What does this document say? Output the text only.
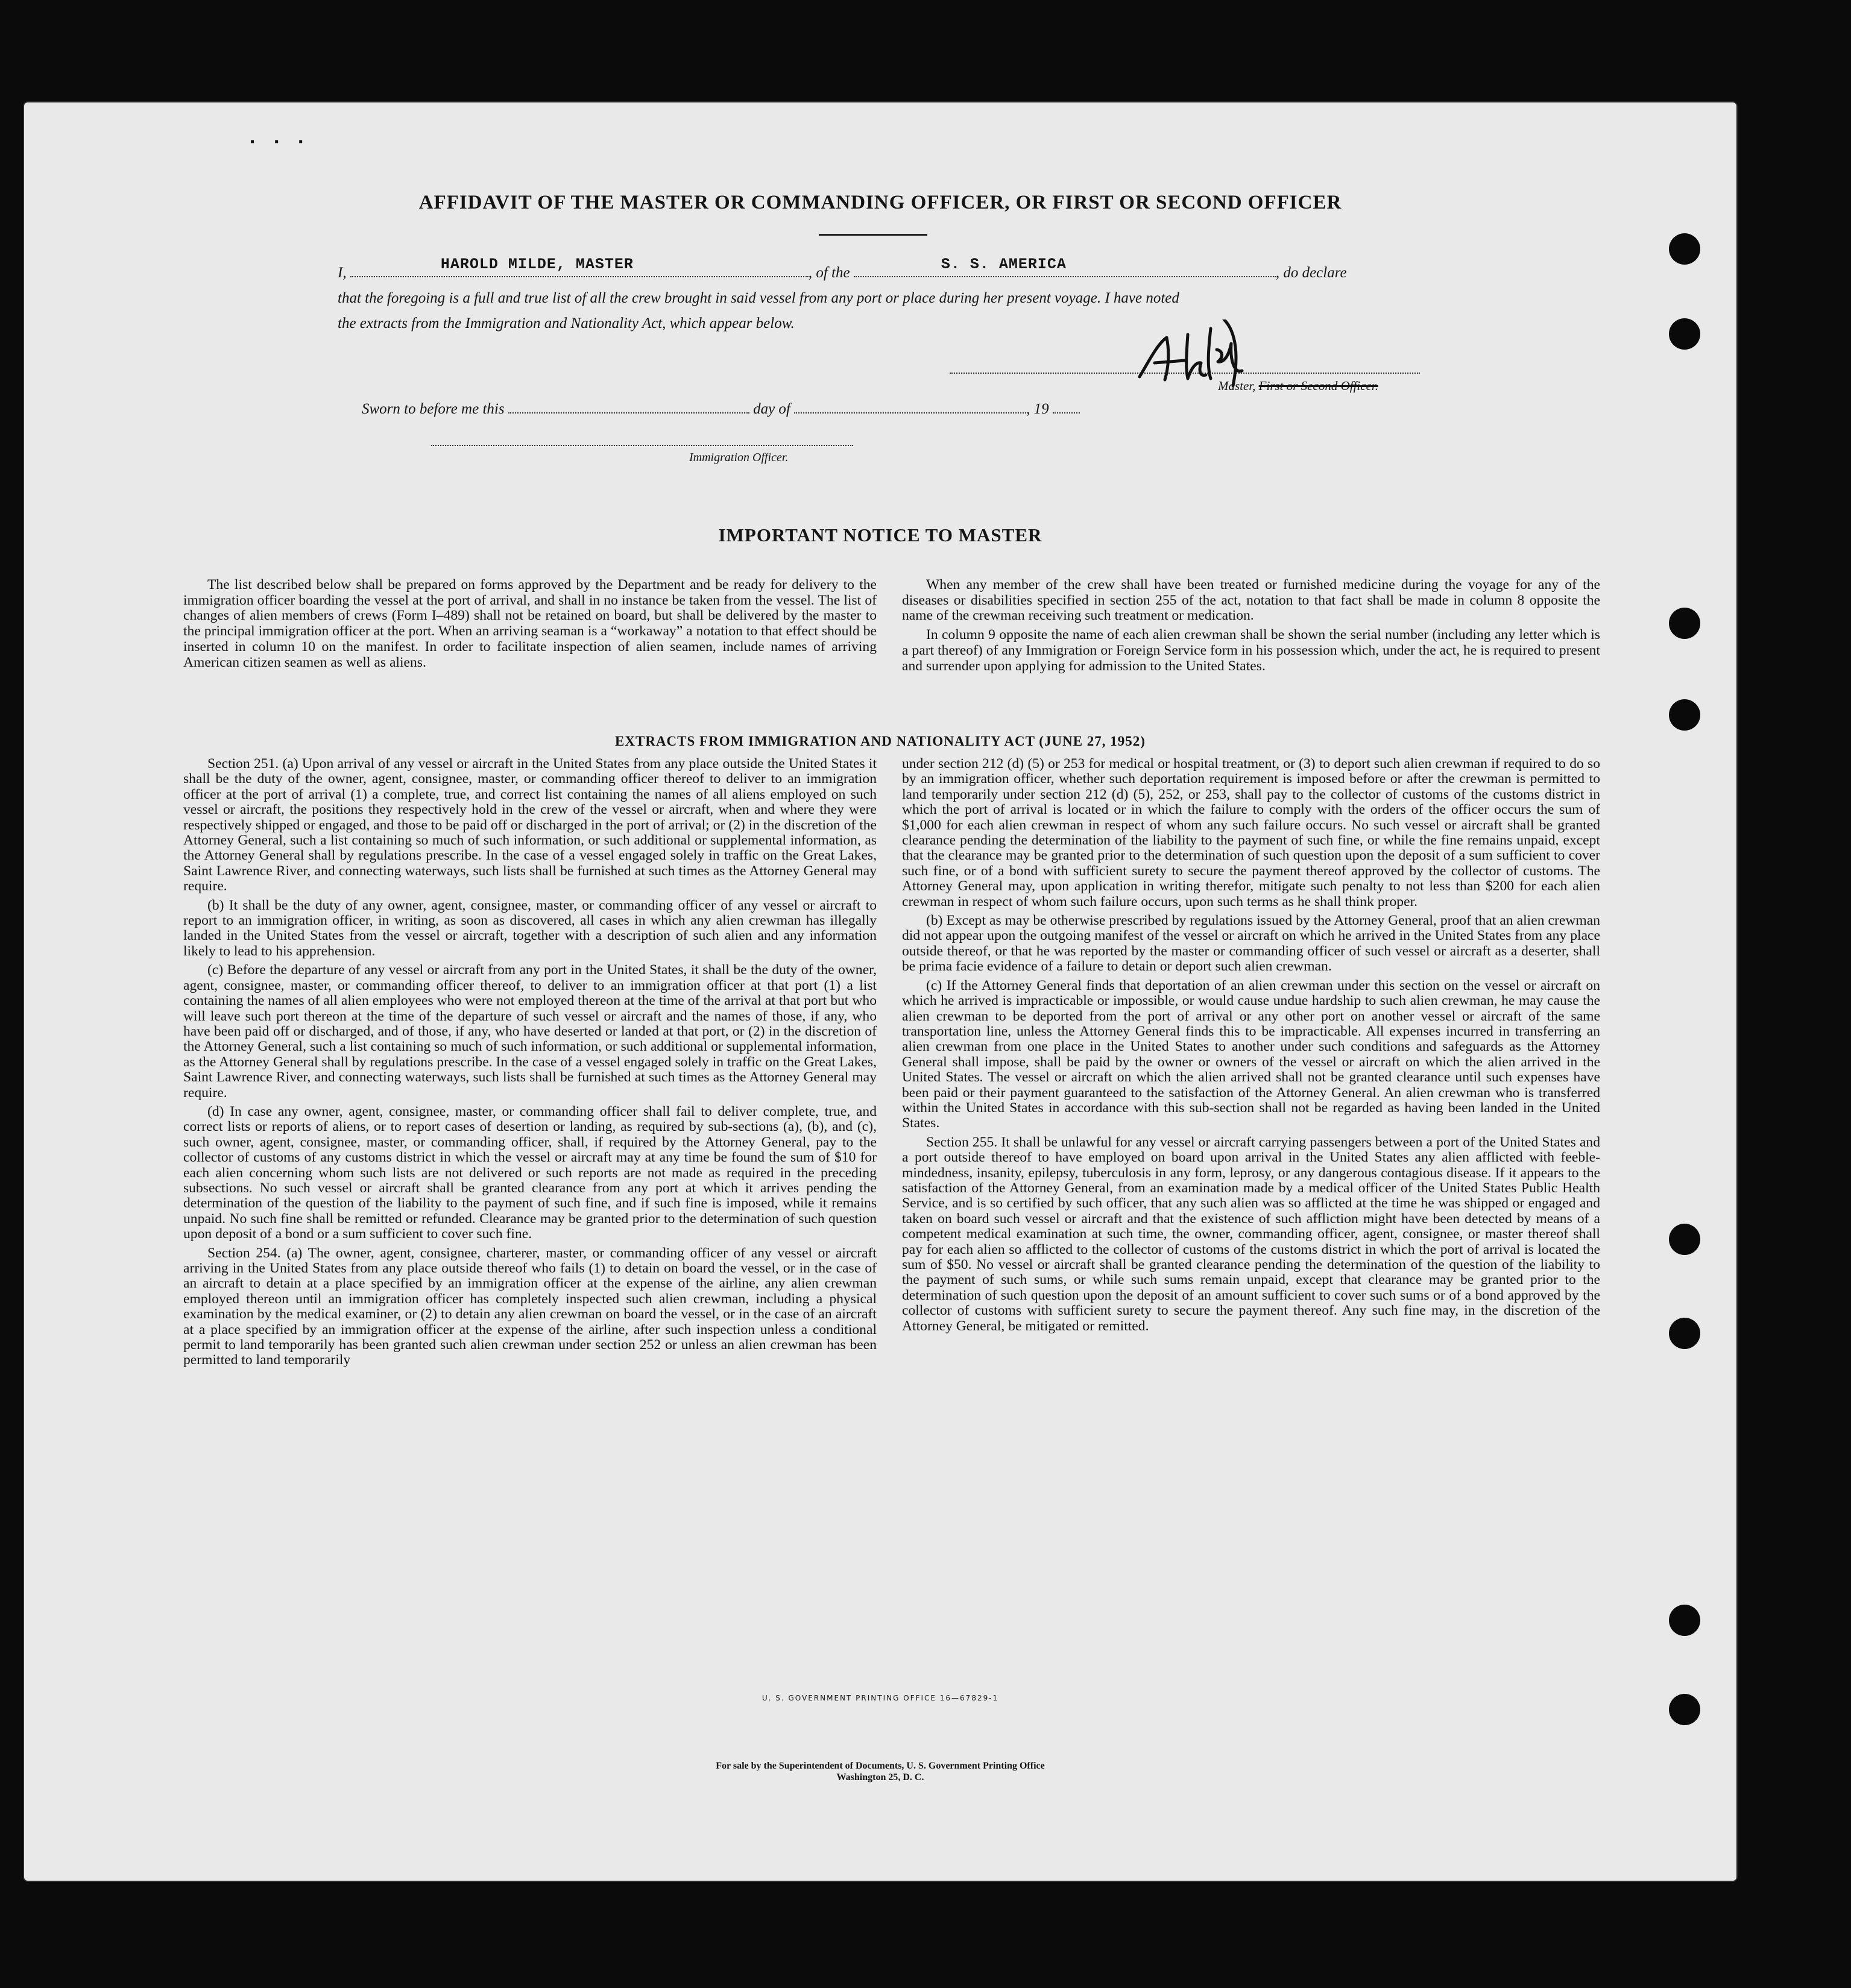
▪ ▪ ▪
AFFIDAVIT OF THE MASTER OR COMMANDING OFFICER, OR FIRST OR SECOND OFFICER
I,	HAROLD MILDE, MASTER	, of the	S. S. AMERICA	, do declare
that the foregoing is a full and true list of all the crew brought in said vessel from any port or place during her present voyage. I have noted
the extracts from the Immigration and Nationality Act, which appear below.
Master, First or Second Officer.
Sworn to before me this	day of	, 19
Immigration Officer.
IMPORTANT NOTICE TO MASTER

The list described below shall be prepared on forms approved by the Department and be ready for delivery to the immigration officer boarding the vessel at the port of arrival, and shall in no instance be taken from the vessel. The list of changes of alien members of crews (Form I–489) shall not be retained on board, but shall be delivered by the master to the principal immigration officer at the port. When an arriving seaman is a “workaway” a notation to that effect should be inserted in column 10 on the manifest. In order to facilitate inspection of alien seamen, include names of arriving American citizen seamen as well as aliens.

When any member of the crew shall have been treated or furnished medicine during the voyage for any of the diseases or disabilities specified in section 255 of the act, notation to that fact shall be made in column 8 opposite the name of the crewman receiving such treatment or medication.

In column 9 opposite the name of each alien crewman shall be shown the serial number (including any letter which is a part thereof) of any Immigration or Foreign Service form in his possession which, under the act, he is required to present and surrender upon applying for admission to the United States.

EXTRACTS FROM IMMIGRATION AND NATIONALITY ACT (JUNE 27, 1952)

Section 251. (a) Upon arrival of any vessel or aircraft in the United States from any place outside the United States it shall be the duty of the owner, agent, consignee, master, or commanding officer thereof to deliver to an immigration officer at the port of arrival (1) a complete, true, and correct list containing the names of all aliens employed on such vessel or aircraft, the positions they respectively hold in the crew of the vessel or aircraft, when and where they were respectively shipped or engaged, and those to be paid off or discharged in the port of arrival; or (2) in the discretion of the Attorney General, such a list containing so much of such information, or such additional or supplemental information, as the Attorney General shall by regulations prescribe. In the case of a vessel engaged solely in traffic on the Great Lakes, Saint Lawrence River, and connecting waterways, such lists shall be furnished at such times as the Attorney General may require.

(b) It shall be the duty of any owner, agent, consignee, master, or commanding officer of any vessel or aircraft to report to an immigration officer, in writing, as soon as discovered, all cases in which any alien crewman has illegally landed in the United States from the vessel or aircraft, together with a description of such alien and any information likely to lead to his apprehension.

(c) Before the departure of any vessel or aircraft from any port in the United States, it shall be the duty of the owner, agent, consignee, master, or commanding officer thereof, to deliver to an immigration officer at that port (1) a list containing the names of all alien employees who were not employed thereon at the time of the arrival at that port but who will leave such port thereon at the time of the departure of such vessel or aircraft and the names of those, if any, who have been paid off or discharged, and of those, if any, who have deserted or landed at that port, or (2) in the discretion of the Attorney General, such a list containing so much of such information, or such additional or supplemental information, as the Attorney General shall by regulations prescribe. In the case of a vessel engaged solely in traffic on the Great Lakes, Saint Lawrence River, and connecting waterways, such lists shall be furnished at such times as the Attorney General may require.

(d) In case any owner, agent, consignee, master, or commanding officer shall fail to deliver complete, true, and correct lists or reports of aliens, or to report cases of desertion or landing, as required by sub-sections (a), (b), and (c), such owner, agent, consignee, master, or commanding officer, shall, if required by the Attorney General, pay to the collector of customs of any customs district in which the vessel or aircraft may at any time be found the sum of $10 for each alien concerning whom such lists are not delivered or such reports are not made as required in the preceding subsections. No such vessel or aircraft shall be granted clearance from any port at which it arrives pending the determination of the question of the liability to the payment of such fine, and if such fine is imposed, while it remains unpaid. No such fine shall be remitted or refunded. Clearance may be granted prior to the determination of such question upon deposit of a bond or a sum sufficient to cover such fine.

Section 254. (a) The owner, agent, consignee, charterer, master, or commanding officer of any vessel or aircraft arriving in the United States from any place outside thereof who fails (1) to detain on board the vessel, or in the case of an aircraft to detain at a place specified by an immigration officer at the expense of the airline, any alien crewman employed thereon until an immigration officer has completely inspected such alien crewman, including a physical examination by the medical examiner, or (2) to detain any alien crewman on board the vessel, or in the case of an aircraft at a place specified by an immigration officer at the expense of the airline, after such inspection unless a conditional permit to land temporarily has been granted such alien crewman under section 252 or unless an alien crewman has been permitted to land temporarily

under section 212 (d) (5) or 253 for medical or hospital treatment, or (3) to deport such alien crewman if required to do so by an immigration officer, whether such deportation requirement is imposed before or after the crewman is permitted to land temporarily under section 212 (d) (5), 252, or 253, shall pay to the collector of customs of the customs district in which the port of arrival is located or in which the failure to comply with the orders of the officer occurs the sum of $1,000 for each alien crewman in respect of whom any such failure occurs. No such vessel or aircraft shall be granted clearance pending the determination of the liability to the payment of such fine, or while the fine remains unpaid, except that the clearance may be granted prior to the determination of such question upon the deposit of a sum sufficient to cover such fine, or of a bond with sufficient surety to secure the payment thereof approved by the collector of customs. The Attorney General may, upon application in writing therefor, mitigate such penalty to not less than $200 for each alien crewman in respect of whom such failure occurs, upon such terms as he shall think proper.

(b) Except as may be otherwise prescribed by regulations issued by the Attorney General, proof that an alien crewman did not appear upon the outgoing manifest of the vessel or aircraft on which he arrived in the United States from any place outside thereof, or that he was reported by the master or commanding officer of such vessel or aircraft as a deserter, shall be prima facie evidence of a failure to detain or deport such alien crewman.

(c) If the Attorney General finds that deportation of an alien crewman under this section on the vessel or aircraft on which he arrived is impracticable or impossible, or would cause undue hardship to such alien crewman, he may cause the alien crewman to be deported from the port of arrival or any other port on another vessel or aircraft of the same transportation line, unless the Attorney General finds this to be impracticable. All expenses incurred in transferring an alien crewman from one place in the United States to another under such conditions and safeguards as the Attorney General shall impose, shall be paid by the owner or owners of the vessel or aircraft on which the alien arrived in the United States. The vessel or aircraft on which the alien arrived shall not be granted clearance until such expenses have been paid or their payment guaranteed to the satisfaction of the Attorney General. An alien crewman who is transferred within the United States in accordance with this sub-section shall not be regarded as having been landed in the United States.

Section 255. It shall be unlawful for any vessel or aircraft carrying passengers between a port of the United States and a port outside thereof to have employed on board upon arrival in the United States any alien afflicted with feeble-mindedness, insanity, epilepsy, tuberculosis in any form, leprosy, or any dangerous contagious disease. If it appears to the satisfaction of the Attorney General, from an examination made by a medical officer of the United States Public Health Service, and is so certified by such officer, that any such alien was so afflicted at the time he was shipped or engaged and taken on board such vessel or aircraft and that the existence of such affliction might have been detected by means of a competent medical examination at such time, the owner, commanding officer, agent, consignee, or master thereof shall pay for each alien so afflicted to the collector of customs of the customs district in which the port of arrival is located the sum of $50. No vessel or aircraft shall be granted clearance pending the determination of the question of the liability to the payment of such sums, or while such sums remain unpaid, except that clearance may be granted prior to the determination of such question upon the deposit of an amount sufficient to cover such sums or of a bond approved by the collector of customs with sufficient surety to secure the payment thereof. Any such fine may, in the discretion of the Attorney General, be mitigated or remitted.

U. S. GOVERNMENT PRINTING OFFICE 16—67829-1
For sale by the Superintendent of Documents, U. S. Government Printing Office
Washington 25, D. C.
